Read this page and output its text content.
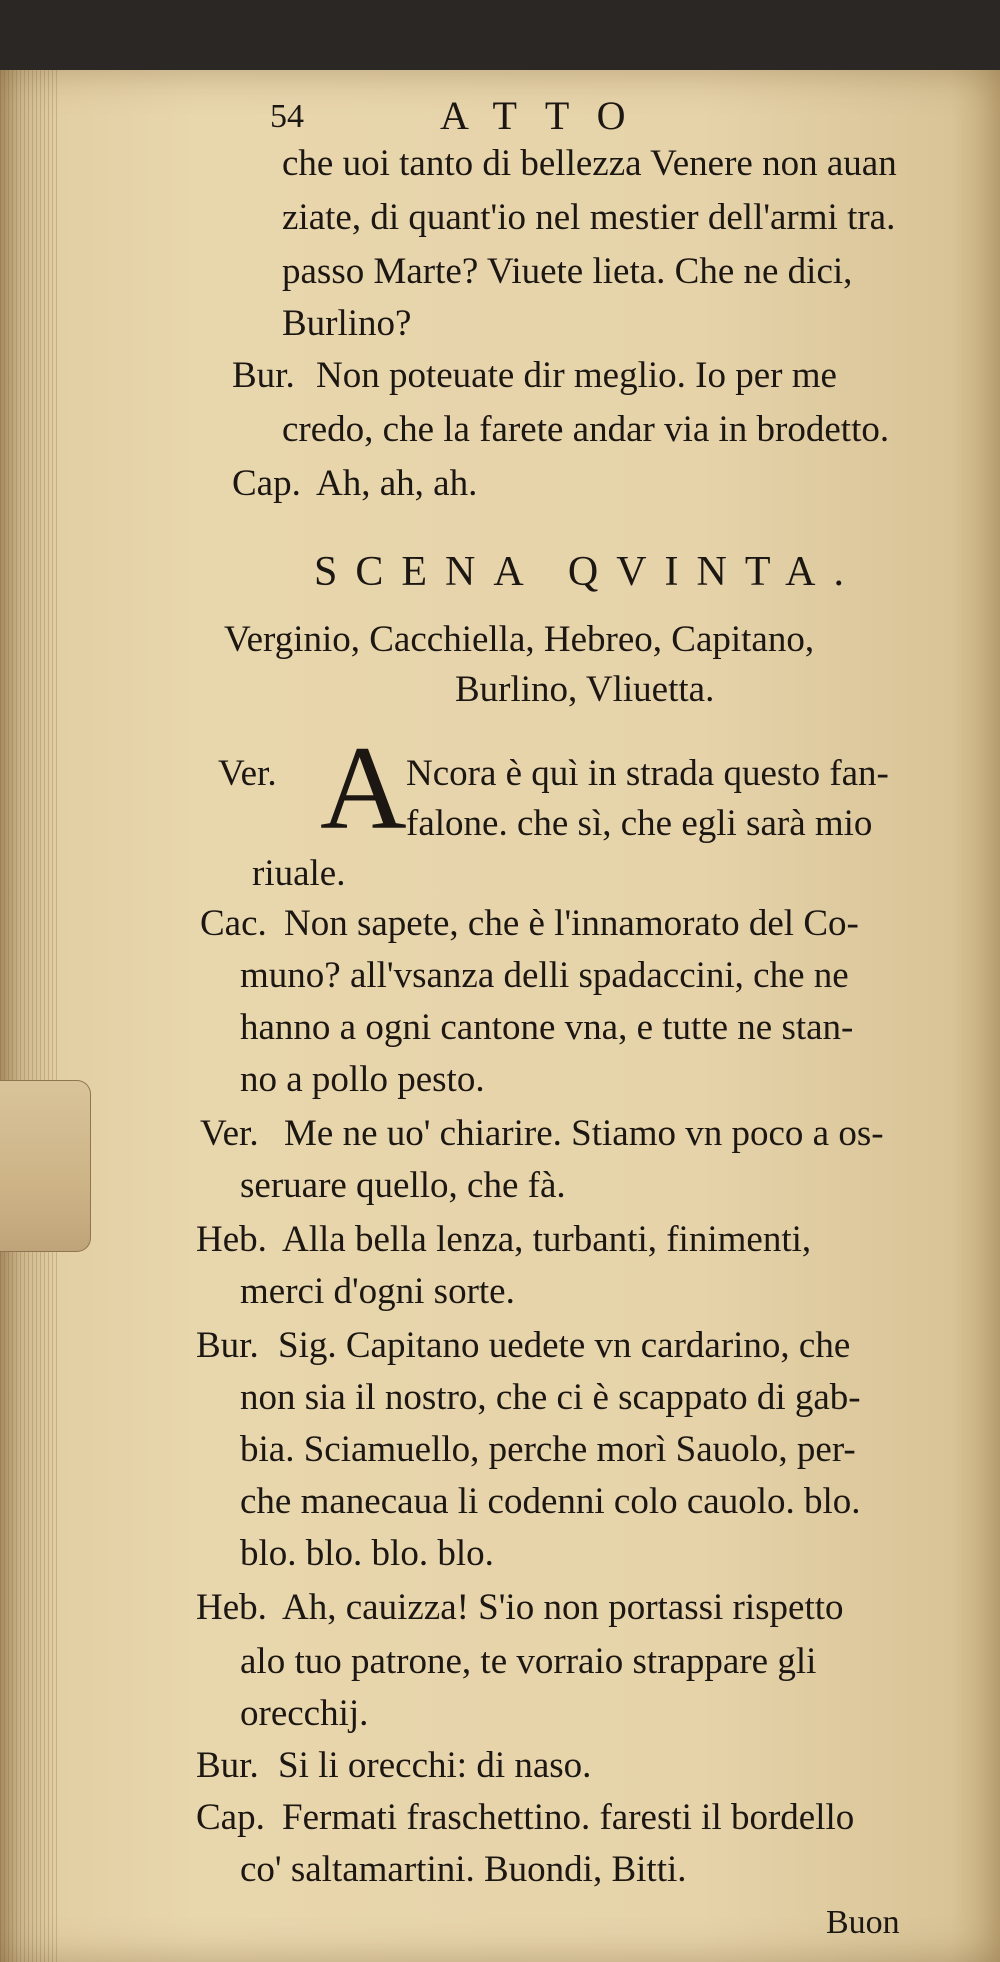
54	ATTO
che uoi tanto di bellezza Venere non auan
ziate, di quant'io nel mestier dell'armi tra.
passo Marte? Viuete lieta. Che ne dici,
Burlino?
Bur. Non poteuate dir meglio. Io per me
credo, che la farete andar via in brodetto.
Cap. Ah, ah, ah.
SCENA QVINTA.
Verginio, Cacchiella, Hebreo, Capitano,
Burlino, Vliuetta.
Ver. A Ncora è quì in strada questo fan-
falone. che sì, che egli sarà mio
riuale.
Cac. Non sapete, che è l'innamorato del Co-
muno? all'vsanza delli spadaccini, che ne
hanno a ogni cantone vna, e tutte ne stan-
no a pollo pesto.
Ver. Me ne uo' chiarire. Stiamo vn poco a os-
seruare quello, che fà.
Heb. Alla bella lenza, turbanti, finimenti,
merci d'ogni sorte.
Bur. Sig. Capitano uedete vn cardarino, che
non sia il nostro, che ci è scappato di gab-
bia. Sciamuello, perche morì Sauolo, per-
che manecaua li codenni colo cauolo. blo.
blo. blo. blo. blo.
Heb. Ah, cauizza! S'io non portassi rispetto
alo tuo patrone, te vorraio strappare gli
orecchij.
Bur. Si li orecchi: di naso.
Cap. Fermati fraschettino. faresti il bordello
co' saltamartini. Buondi, Bitti.
Buon
